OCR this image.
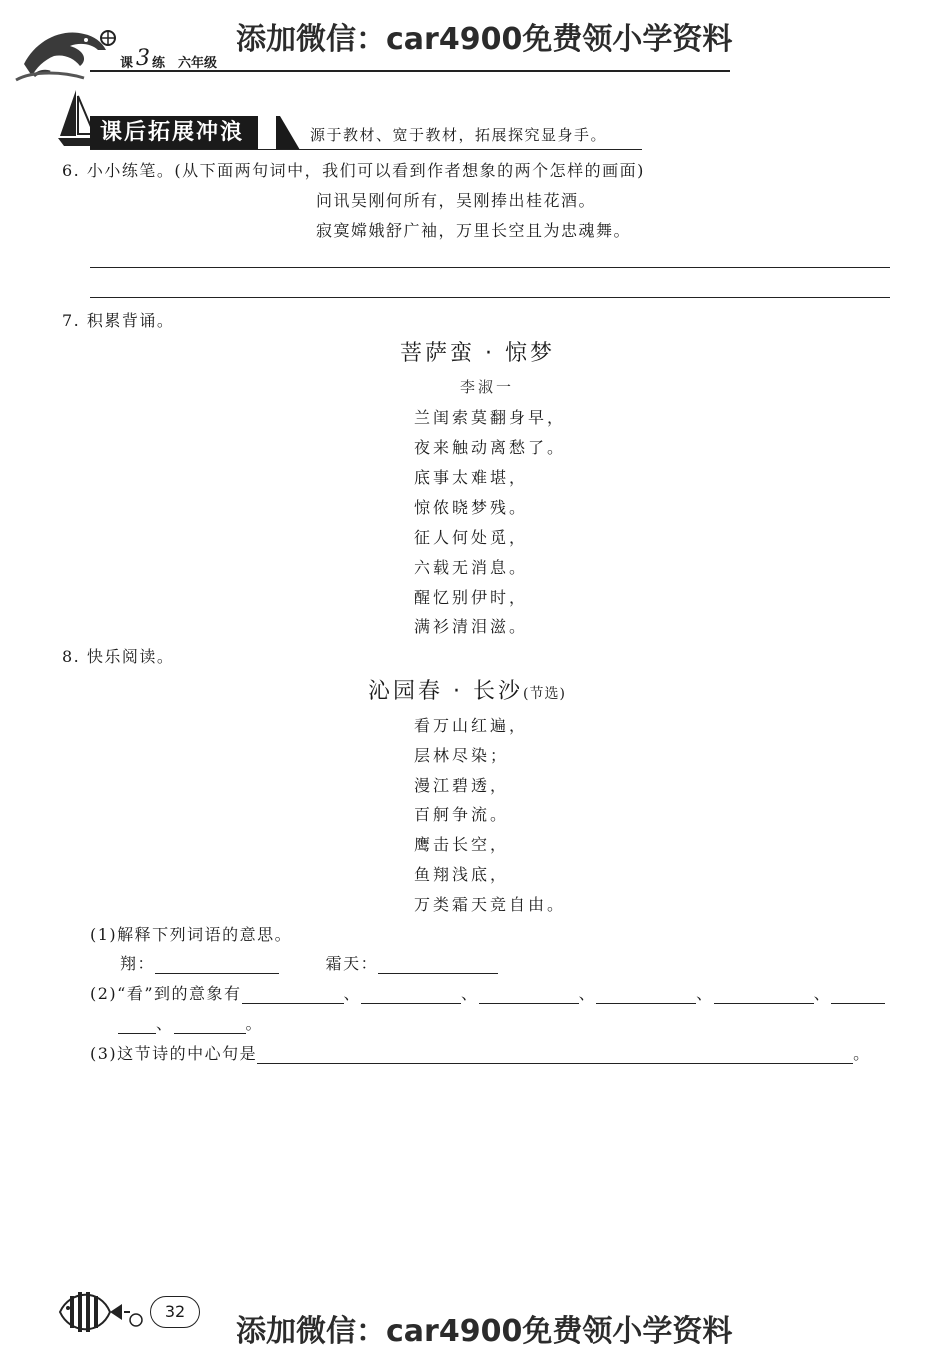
添加微信：car4900免费领小学资料
课 3 练 六年级
课后拓展冲浪	源于教材、宽于教材，拓展探究显身手。
6. 小小练笔。(从下面两句词中，我们可以看到作者想象的两个怎样的画面)
问讯吴刚何所有，吴刚捧出桂花酒。
寂寞嫦娥舒广袖，万里长空且为忠魂舞。
7. 积累背诵。
菩萨蛮 · 惊梦
李淑一
兰闺索莫翻身早，
夜来触动离愁了。
底事太难堪，
惊侬晓梦残。
征人何处觅，
六载无消息。
醒忆别伊时，
满衫清泪滋。
8. 快乐阅读。
沁园春 · 长沙(节选)
看万山红遍，
层林尽染；
漫江碧透，
百舸争流。
鹰击长空，
鱼翔浅底，
万类霜天竞自由。
(1)解释下列词语的意思。
翔：	霜天：
(2)“看”到的意象有	、	、	、	、	、
、	。
(3)这节诗的中心句是	。
32
添加微信：car4900免费领小学资料
